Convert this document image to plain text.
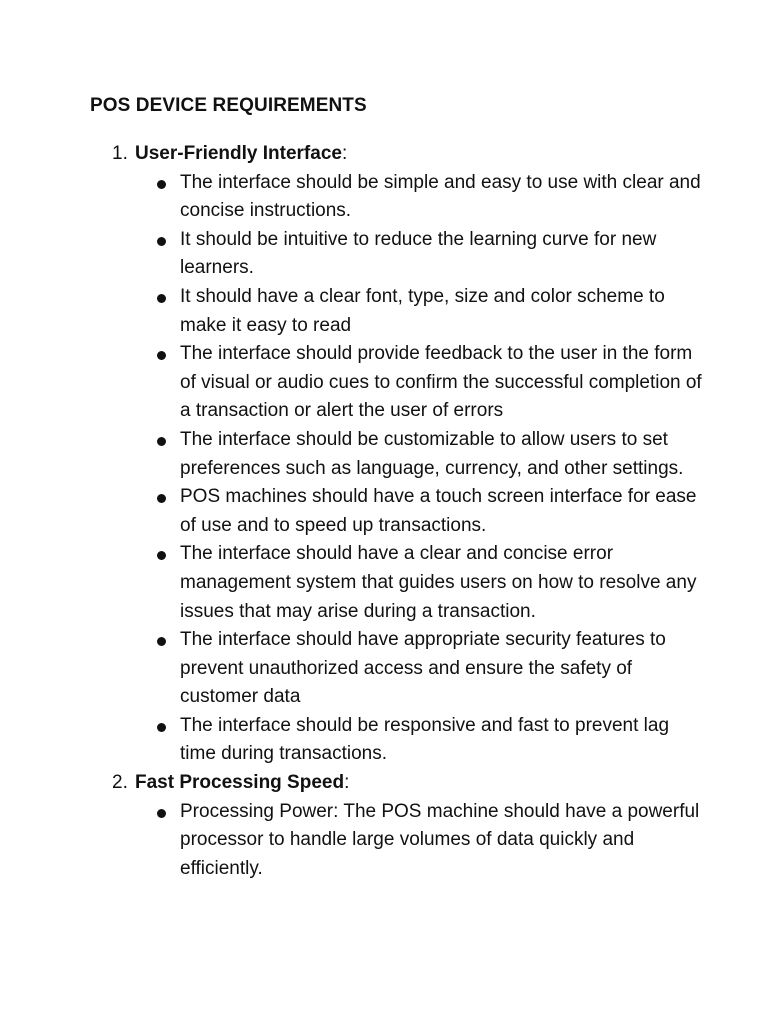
POS DEVICE REQUIREMENTS
1. User-Friendly Interface:
The interface should be simple and easy to use with clear and concise instructions.
It should be intuitive to reduce the learning curve for new learners.
It should have a clear font, type, size and color scheme to make it easy to read
The interface should provide feedback to the user in the form of visual or audio cues to confirm the successful completion of a transaction or alert the user of errors
The interface should be customizable to allow users to set preferences such as language, currency, and other settings.
POS machines should have a touch screen interface for ease of use and to speed up transactions.
The interface should have a clear and concise error management system that guides users on how to resolve any issues that may arise during a transaction.
The interface should have appropriate security features to prevent unauthorized access and ensure the safety of customer data
The interface should be responsive and fast to prevent lag time during transactions.
2. Fast Processing Speed:
Processing Power: The POS machine should have a powerful processor to handle large volumes of data quickly and efficiently.
